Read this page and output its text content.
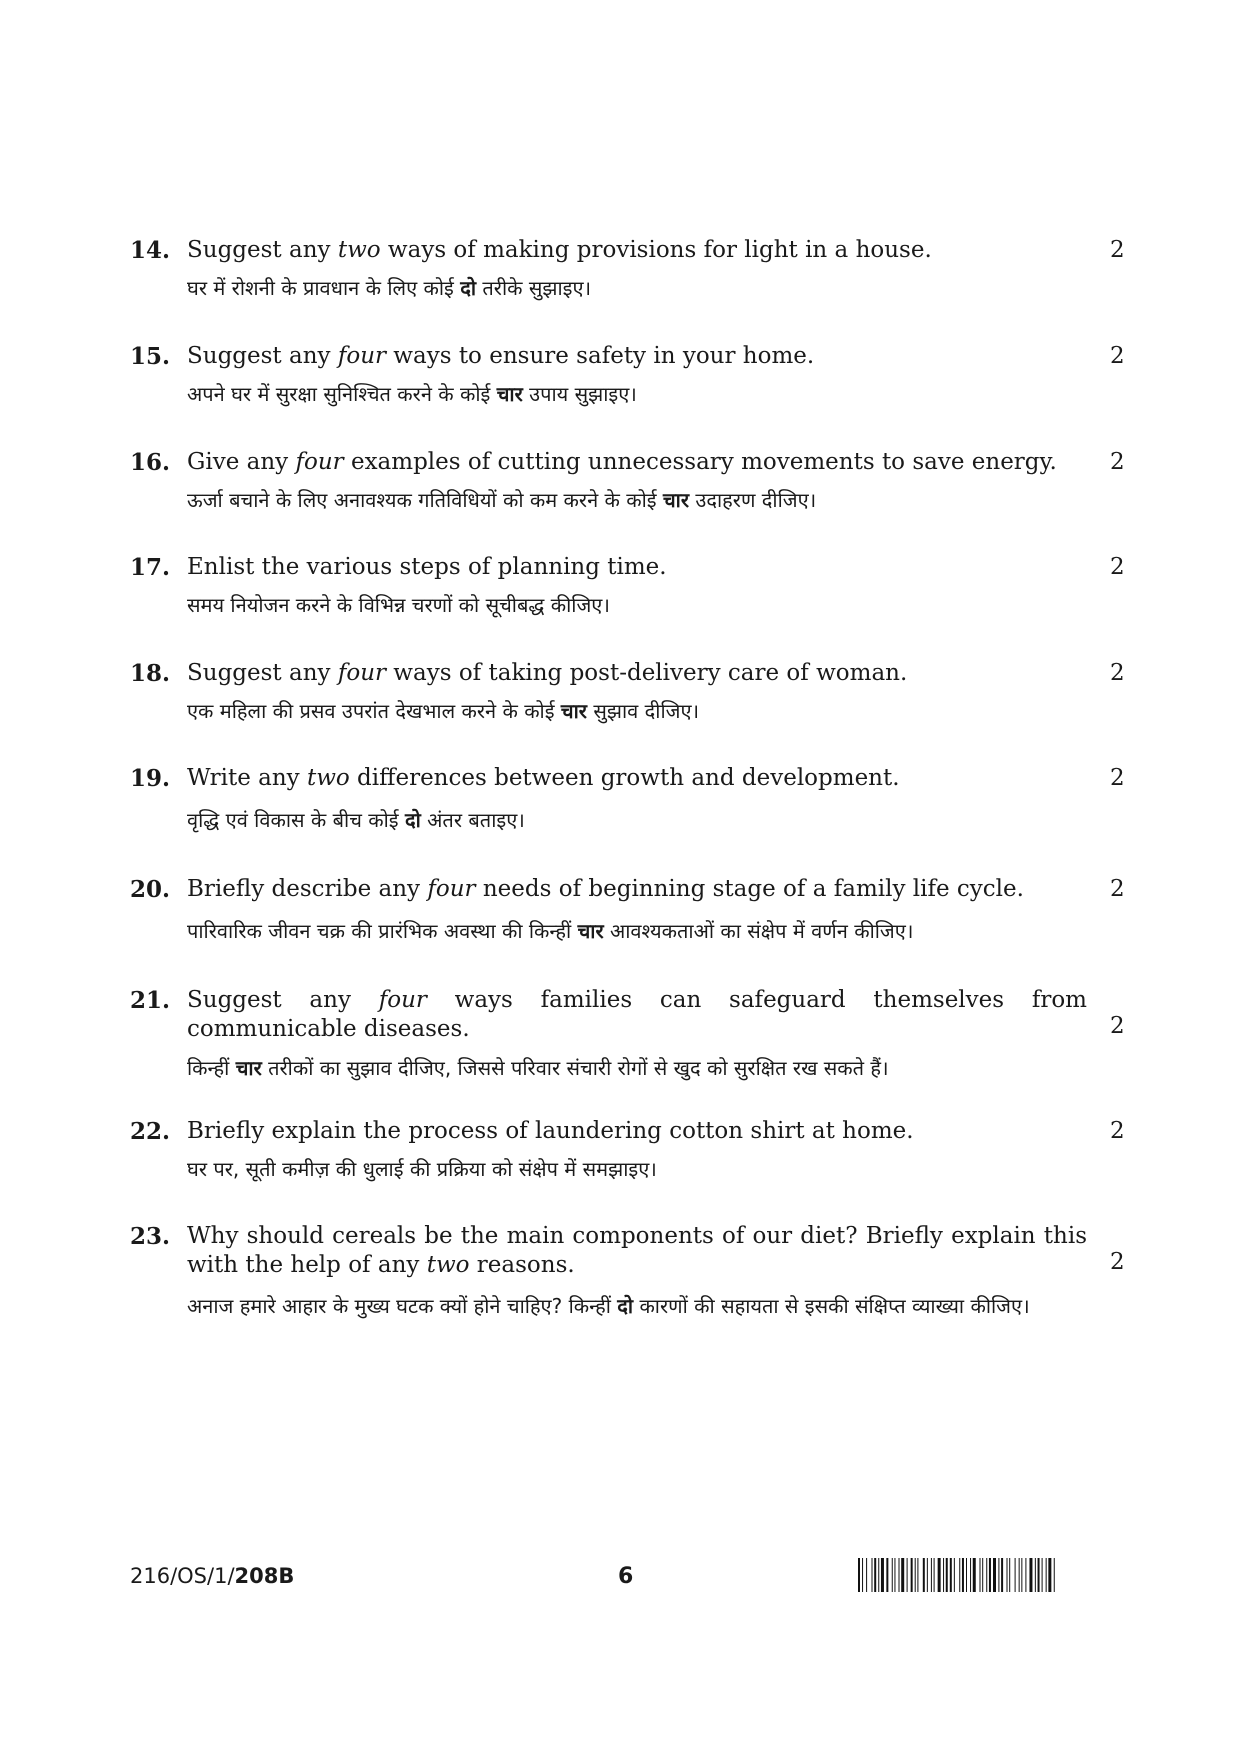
14. Suggest any two ways of making provisions for light in a house.
घर में रोशनी के प्रावधान के लिए कोई दो तरीके सुझाइए।
2
15. Suggest any four ways to ensure safety in your home.
अपने घर में सुरक्षा सुनिश्चित करने के कोई चार उपाय सुझाइए।
2
16. Give any four examples of cutting unnecessary movements to save energy.
ऊर्जा बचाने के लिए अनावश्यक गतिविधियों को कम करने के कोई चार उदाहरण दीजिए।
2
17. Enlist the various steps of planning time.
समय नियोजन करने के विभिन्न चरणों को सूचीबद्ध कीजिए।
2
18. Suggest any four ways of taking post-delivery care of woman.
एक महिला की प्रसव उपरांत देखभाल करने के कोई चार सुझाव दीजिए।
2
19. Write any two differences between growth and development.
वृद्धि एवं विकास के बीच कोई दो अंतर बताइए।
2
20. Briefly describe any four needs of beginning stage of a family life cycle.
पारिवारिक जीवन चक्र की प्रारंभिक अवस्था की किन्हीं चार आवश्यकताओं का संक्षेप में वर्णन कीजिए।
2
21. Suggest any four ways families can safeguard themselves from communicable diseases.
किन्हीं चार तरीकों का सुझाव दीजिए, जिससे परिवार संचारी रोगों से खुद को सुरक्षित रख सकते हैं।
2
22. Briefly explain the process of laundering cotton shirt at home.
घर पर, सूती कमीज़ की धुलाई की प्रक्रिया को संक्षेप में समझाइए।
2
23. Why should cereals be the main components of our diet? Briefly explain this with the help of any two reasons.
अनाज हमारे आहार के मुख्य घटक क्यों होने चाहिए? किन्हीं दो कारणों की सहायता से इसकी संक्षिप्त व्याख्या कीजिए।
2
216/OS/1/208B	6
